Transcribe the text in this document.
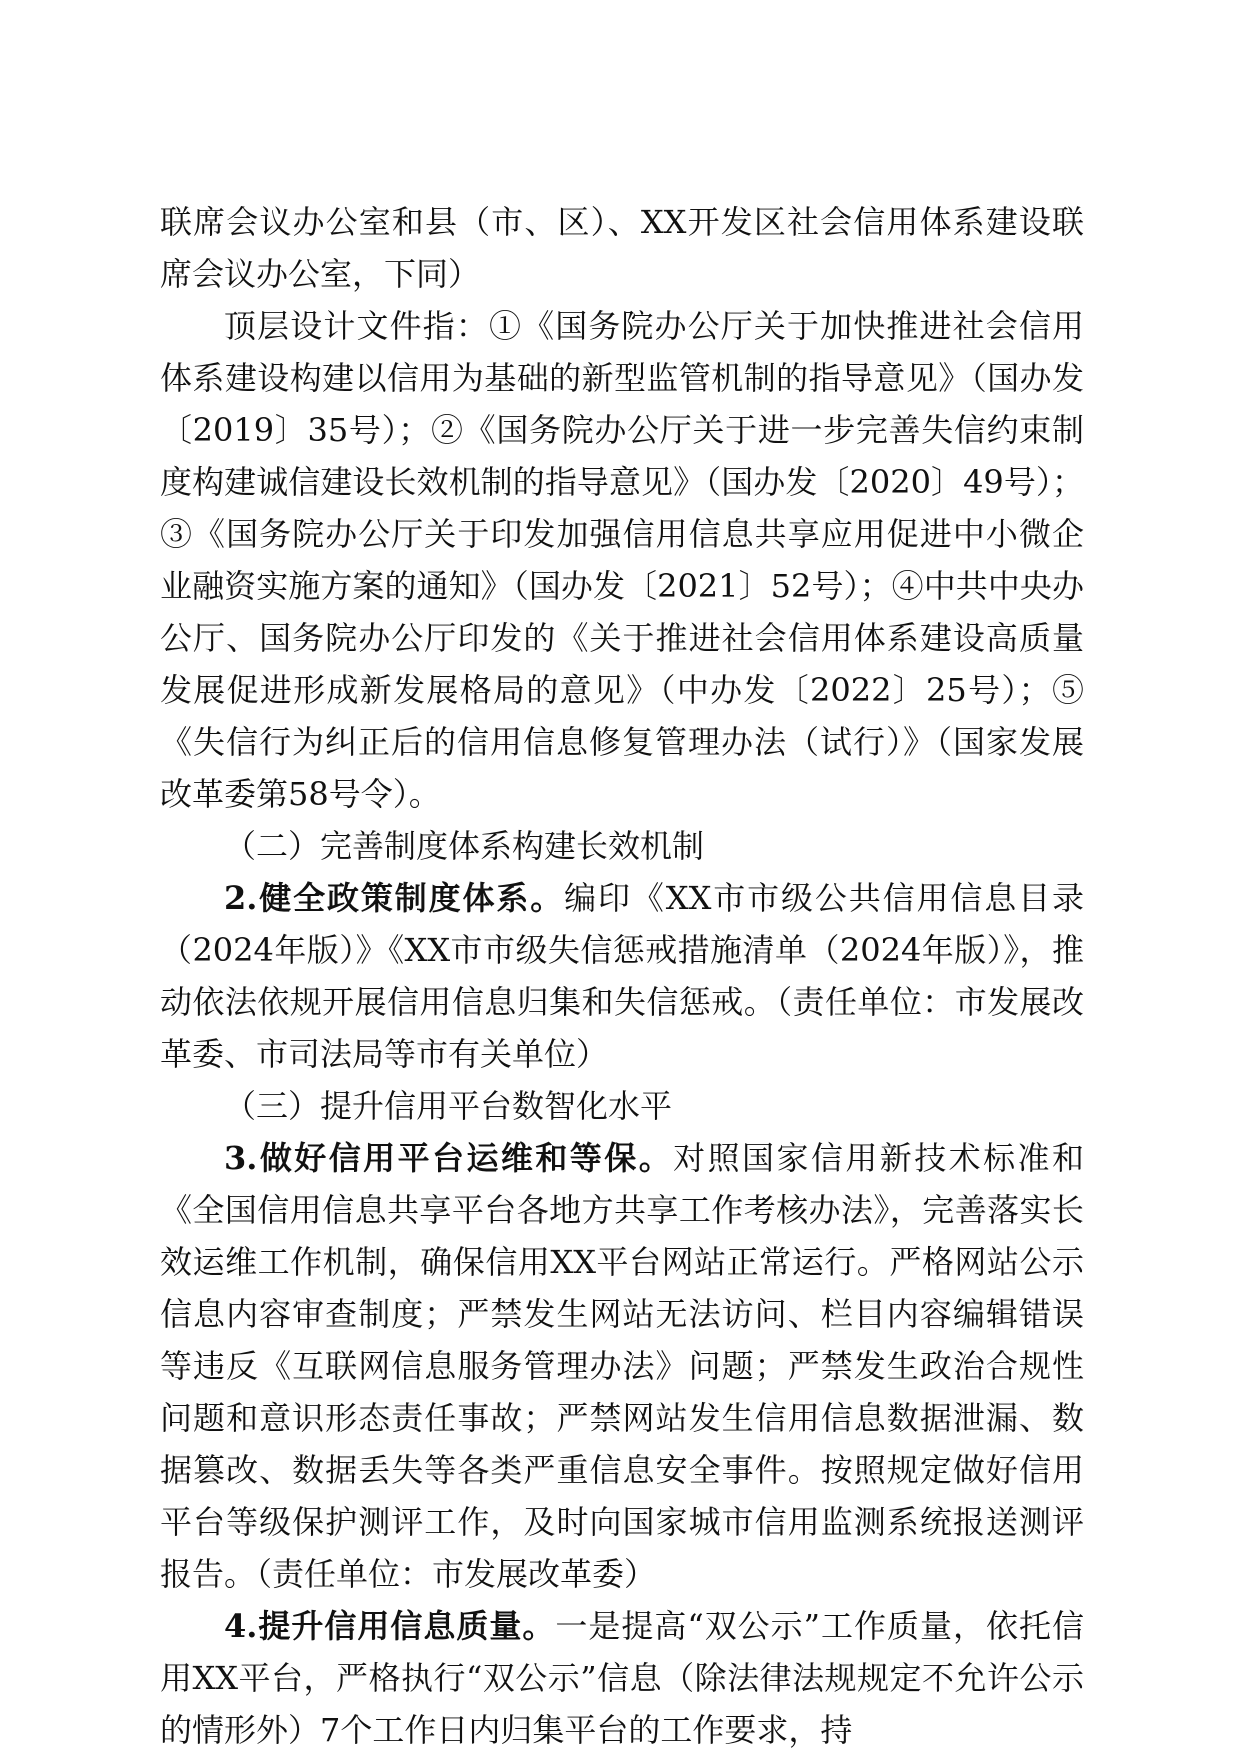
联席会议办公室和县（市、区）、XX开发区社会信用体系建设联席会议办公室，下同）

顶层设计文件指：①《国务院办公厅关于加快推进社会信用体系建设构建以信用为基础的新型监管机制的指导意见》（国办发〔2019〕35号）；②《国务院办公厅关于进一步完善失信约束制度构建诚信建设长效机制的指导意见》（国办发〔2020〕49号）；③《国务院办公厅关于印发加强信用信息共享应用促进中小微企业融资实施方案的通知》（国办发〔2021〕52号）；④中共中央办公厅、国务院办公厅印发的《关于推进社会信用体系建设高质量发展促进形成新发展格局的意见》（中办发〔2022〕25号）；⑤《失信行为纠正后的信用信息修复管理办法（试行）》（国家发展改革委第58号令）。

（二）完善制度体系构建长效机制

2.健全政策制度体系。编印《XX市市级公共信用信息目录（2024年版）》《XX市市级失信惩戒措施清单（2024年版）》，推动依法依规开展信用信息归集和失信惩戒。（责任单位：市发展改革委、市司法局等市有关单位）

（三）提升信用平台数智化水平

3.做好信用平台运维和等保。对照国家信用新技术标准和《全国信用信息共享平台各地方共享工作考核办法》，完善落实长效运维工作机制，确保信用XX平台网站正常运行。严格网站公示信息内容审查制度；严禁发生网站无法访问、栏目内容编辑错误等违反《互联网信息服务管理办法》问题；严禁发生政治合规性问题和意识形态责任事故；严禁网站发生信用信息数据泄漏、数据篡改、数据丢失等各类严重信息安全事件。按照规定做好信用平台等级保护测评工作，及时向国家城市信用监测系统报送测评报告。（责任单位：市发展改革委）

4.提升信用信息质量。一是提高“双公示”工作质量，依托信用XX平台，严格执行“双公示”信息（除法律法规规定不允许公示的情形外）7个工作日内归集平台的工作要求，持
